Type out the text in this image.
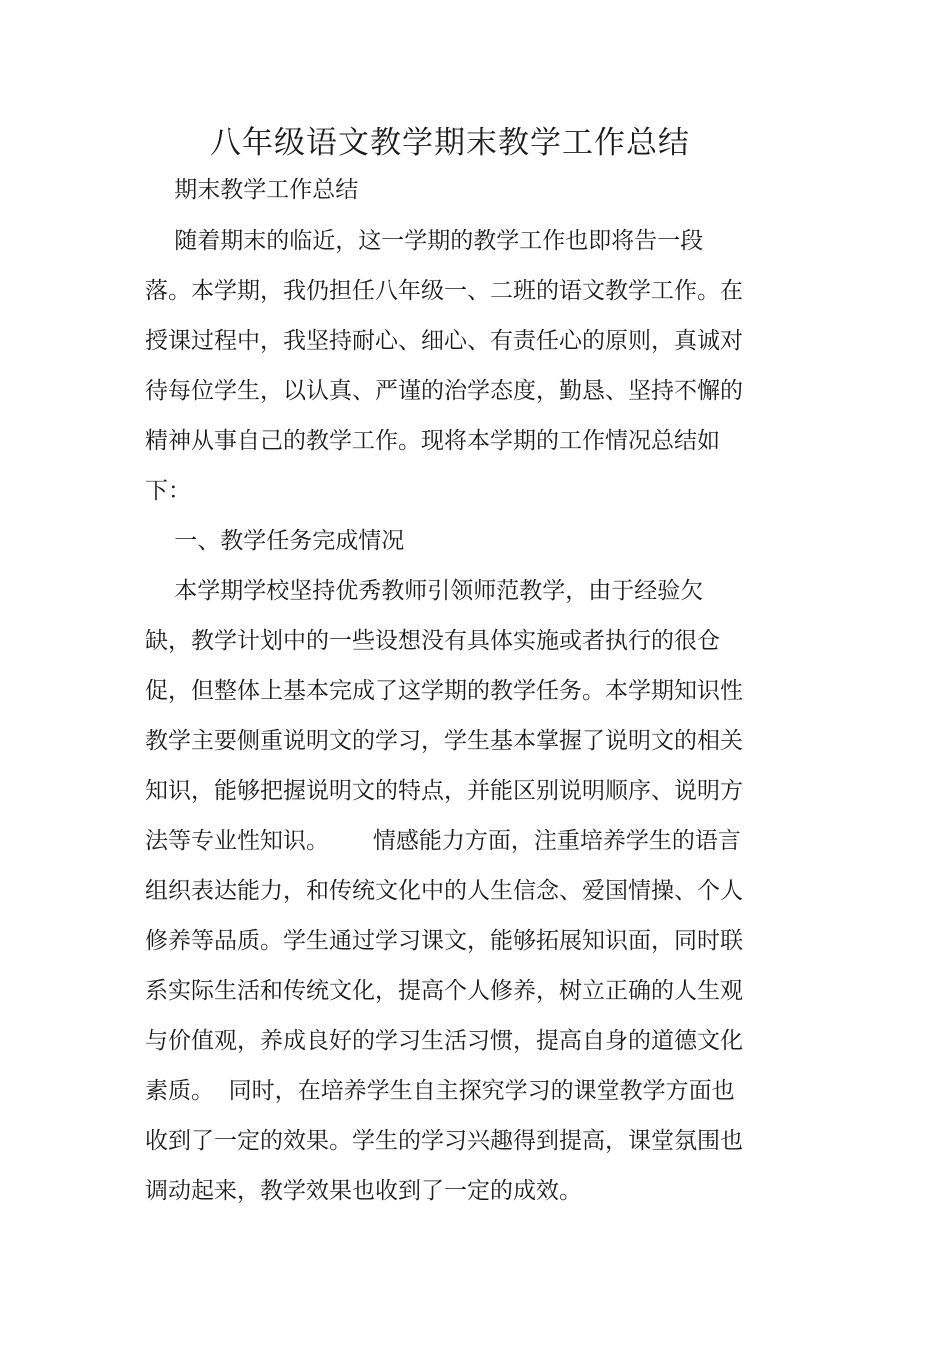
八年级语文教学期末教学工作总结

期末教学工作总结

随着期末的临近，这一学期的教学工作也即将告一段

落。本学期，我仍担任八年级一、二班的语文教学工作。在

授课过程中，我坚持耐心、细心、有责任心的原则，真诚对

待每位学生，以认真、严谨的治学态度，勤恳、坚持不懈的

精神从事自己的教学工作。现将本学期的工作情况总结如

下：

一、教学任务完成情况

本学期学校坚持优秀教师引领师范教学，由于经验欠

缺，教学计划中的一些设想没有具体实施或者执行的很仓

促，但整体上基本完成了这学期的教学任务。本学期知识性

教学主要侧重说明文的学习，学生基本掌握了说明文的相关

知识，能够把握说明文的特点，并能区别说明顺序、说明方

法等专业性知识。      情感能力方面，注重培养学生的语言

组织表达能力，和传统文化中的人生信念、爱国情操、个人

修养等品质。学生通过学习课文，能够拓展知识面，同时联

系实际生活和传统文化，提高个人修养，树立正确的人生观

与价值观，养成良好的学习生活习惯，提高自身的道德文化

素质。  同时，在培养学生自主探究学习的课堂教学方面也

收到了一定的效果。学生的学习兴趣得到提高，课堂氛围也

调动起来，教学效果也收到了一定的成效。
